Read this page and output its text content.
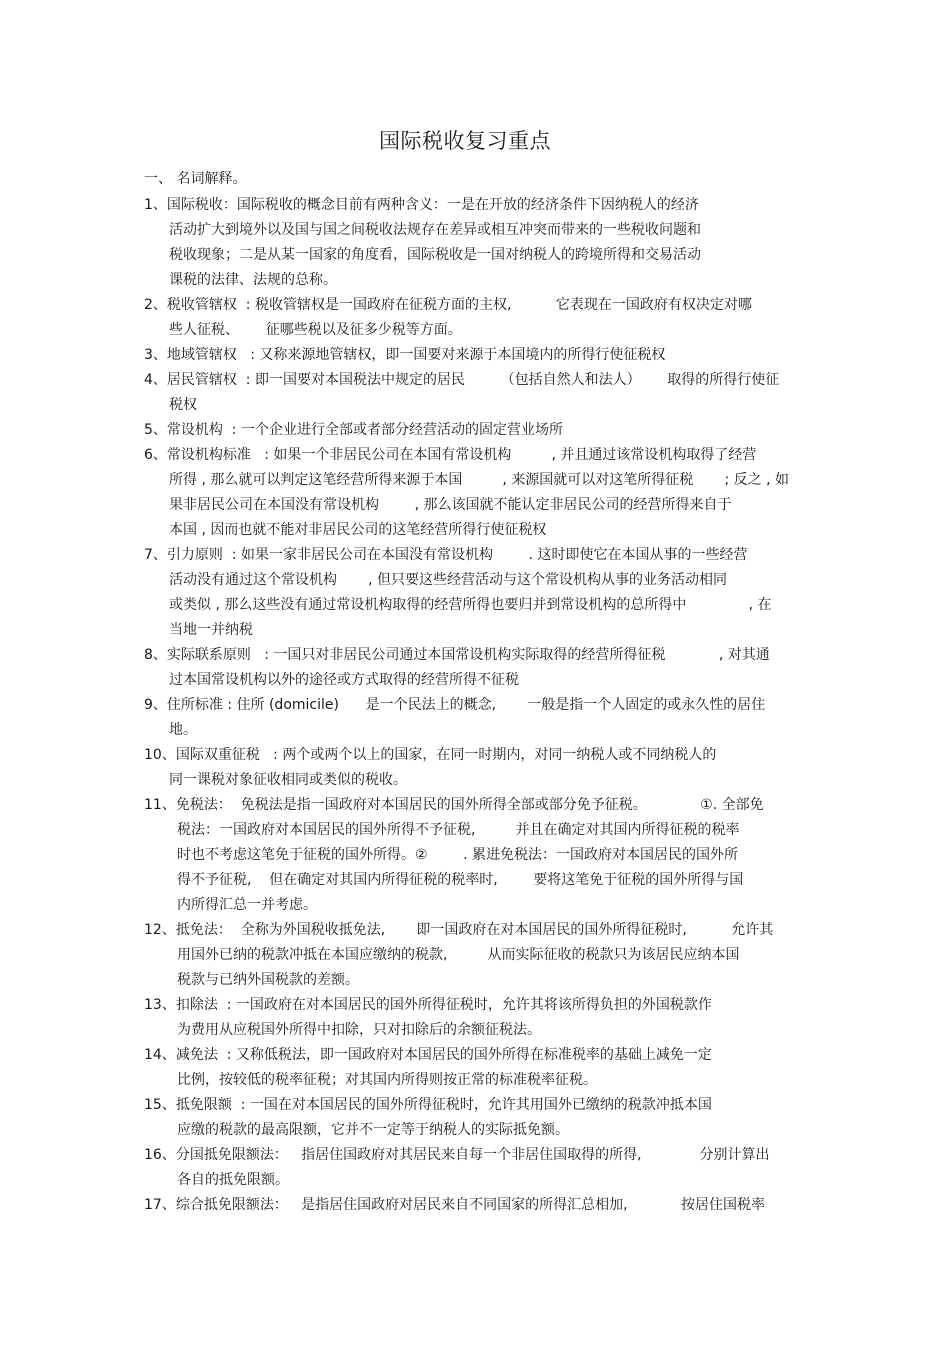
国际税收复习重点
一、 名词解释。
1、国际税收：国际税收的概念目前有两种含义：一是在开放的经济条件下因纳税人的经济
活动扩大到境外以及国与国之间税收法规存在差异或相互冲突而带来的一些税收问题和
税收现象；二是从某一国家的角度看，国际税收是一国对纳税人的跨境所得和交易活动
课税的法律、法规的总称。
2、税收管辖权  : 税收管辖权是一国政府在征税方面的主权,          它表现在一国政府有权决定对哪
些人征税、      征哪些税以及征多少税等方面。
3、地域管辖权   : 又称来源地管辖权，即一国要对来源于本国境内的所得行使征税权
4、居民管辖权  : 即一国要对本国税法中规定的居民        （包括自然人和法人）      取得的所得行使征
税权
5、常设机构  : 一个企业进行全部或者部分经营活动的固定营业场所
6、常设机构标准   : 如果一个非居民公司在本国有常设机构         , 并且通过该常设机构取得了经营
所得 , 那么就可以判定这笔经营所得来源于本国         , 来源国就可以对这笔所得征税       ; 反之 , 如
果非居民公司在本国没有常设机构        , 那么该国就不能认定非居民公司的经营所得来自于
本国 , 因而也就不能对非居民公司的这笔经营所得行使征税权
7、引力原则  : 如果一家非居民公司在本国没有常设机构        . 这时即使它在本国从事的一些经营
活动没有通过这个常设机构       , 但只要这些经营活动与这个常设机构从事的业务活动相同
或类似 , 那么这些没有通过常设机构取得的经营所得也要归并到常设机构的总所得中              , 在
当地一并纳税
8、实际联系原则   : 一国只对非居民公司通过本国常设机构实际取得的经营所得征税            , 对其通
过本国常设机构以外的途径或方式取得的经营所得不征税
9、住所标准 : 住所 (domicile)      是一个民法上的概念,       一般是指一个人固定的或永久性的居住
地。
10、国际双重征税   : 两个或两个以上的国家，在同一时期内，对同一纳税人或不同纳税人的
同一课税对象征收相同或类似的税收。
11、免税法：  免税法是指一国政府对本国居民的国外所得全部或部分免予征税。            ①. 全部免
税法：一国政府对本国居民的国外所得不予征税,         并且在确定对其国内所得征税的税率
时也不考虑这笔免于征税的国外所得。②        . 累进免税法：一国政府对本国居民的国外所
得不予征税,    但在确定对其国内所得征税的税率时,        要将这笔免于征税的国外所得与国
内所得汇总一并考虑。
12、抵免法：  全称为外国税收抵免法,       即一国政府在对本国居民的国外所得征税时,          允许其
用国外已纳的税款冲抵在本国应缴纳的税款,         从而实际征收的税款只为该居民应纳本国
税款与已纳外国税款的差额。
13、扣除法  : 一国政府在对本国居民的国外所得征税时，允许其将该所得负担的外国税款作
为费用从应税国外所得中扣除，只对扣除后的余额征税法。
14、减免法  : 又称低税法，即一国政府对本国居民的国外所得在标准税率的基础上减免一定
比例，按较低的税率征税；对其国内所得则按正常的标准税率征税。
15、抵免限额  : 一国在对本国居民的国外所得征税时，允许其用国外已缴纳的税款冲抵本国
应缴的税款的最高限额，它并不一定等于纳税人的实际抵免额。
16、分国抵免限额法：   指居住国政府对其居民来自每一个非居住国取得的所得,             分别计算出
各自的抵免限额。
17、综合抵免限额法：   是指居住国政府对居民来自不同国家的所得汇总相加,            按居住国税率
